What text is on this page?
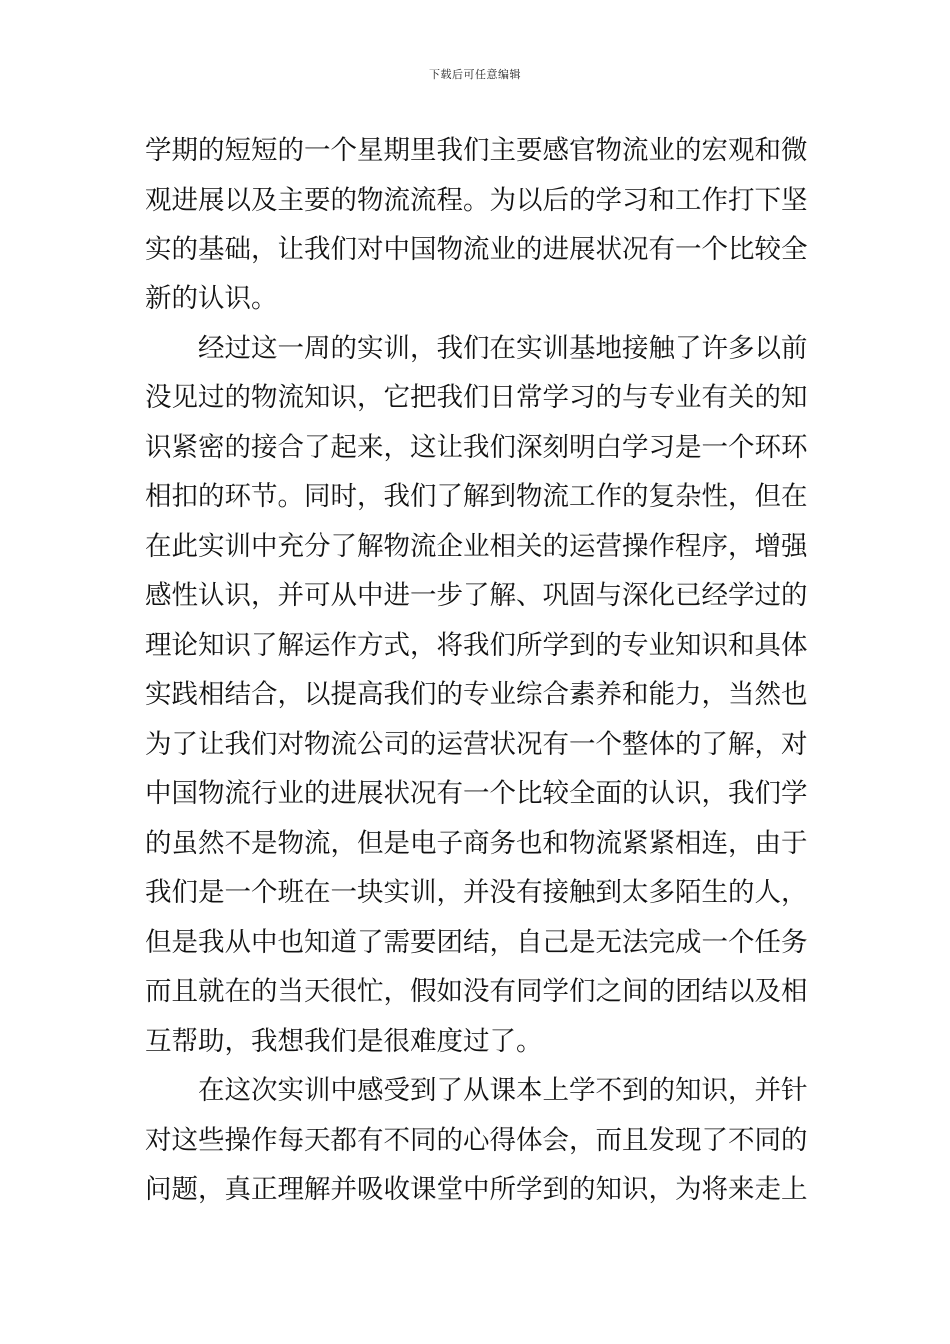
下载后可任意编辑
学期的短短的一个星期里我们主要感官物流业的宏观和微
观进展以及主要的物流流程。为以后的学习和工作打下坚
实的基础，让我们对中国物流业的进展状况有一个比较全
新的认识。
经过这一周的实训，我们在实训基地接触了许多以前
没见过的物流知识，它把我们日常学习的与专业有关的知
识紧密的接合了起来，这让我们深刻明白学习是一个环环
相扣的环节。同时，我们了解到物流工作的复杂性，但在
在此实训中充分了解物流企业相关的运营操作程序，增强
感性认识，并可从中进一步了解、巩固与深化已经学过的
理论知识了解运作方式，将我们所学到的专业知识和具体
实践相结合，以提高我们的专业综合素养和能力，当然也
为了让我们对物流公司的运营状况有一个整体的了解，对
中国物流行业的进展状况有一个比较全面的认识，我们学
的虽然不是物流，但是电子商务也和物流紧紧相连，由于
我们是一个班在一块实训，并没有接触到太多陌生的人，
但是我从中也知道了需要团结，自己是无法完成一个任务
而且就在的当天很忙，假如没有同学们之间的团结以及相
互帮助，我想我们是很难度过了。
在这次实训中感受到了从课本上学不到的知识，并针
对这些操作每天都有不同的心得体会，而且发现了不同的
问题，真正理解并吸收课堂中所学到的知识，为将来走上
